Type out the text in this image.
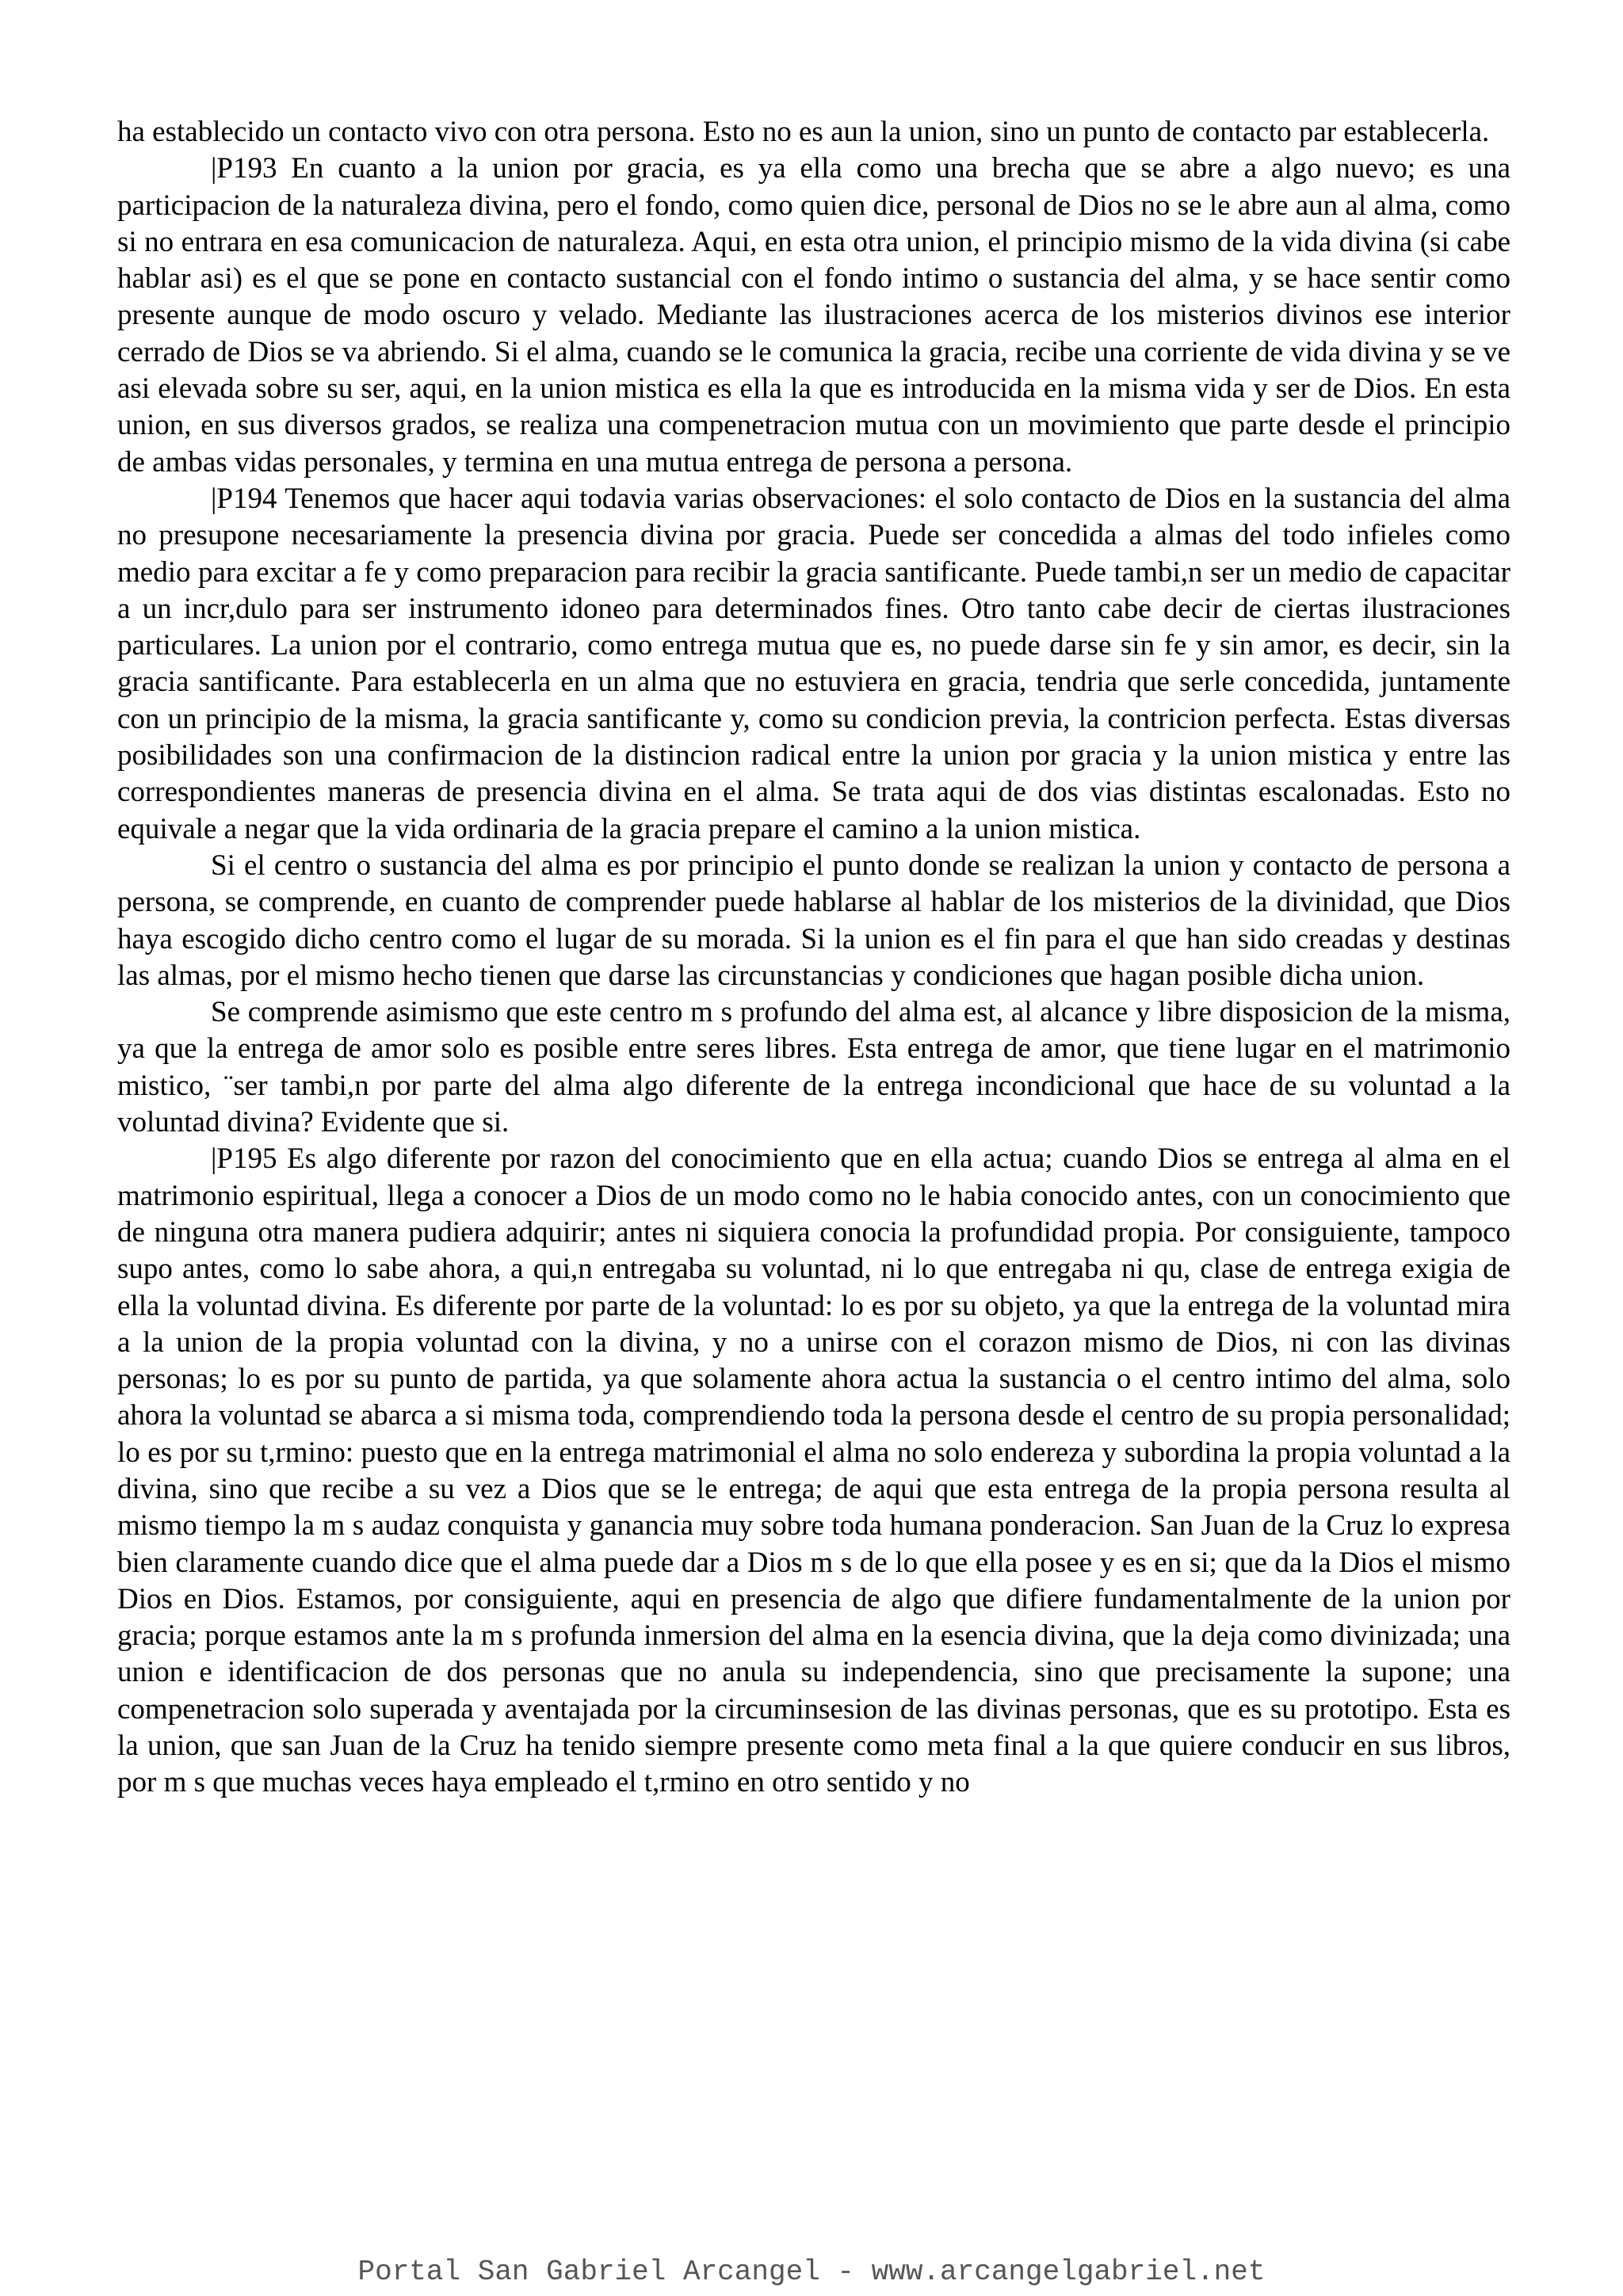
ha establecido un contacto vivo con otra persona. Esto no es aun la union, sino un punto de contacto par establecerla.

|P193 En cuanto a la union por gracia, es ya ella como una brecha que se abre a algo nuevo; es una participacion de la naturaleza divina, pero el fondo, como quien dice, personal de Dios no se le abre aun al alma, como si no entrara en esa comunicacion de naturaleza. Aqui, en esta otra union, el principio mismo de la vida divina (si cabe hablar asi) es el que se pone en contacto sustancial con el fondo intimo o sustancia del alma, y se hace sentir como presente aunque de modo oscuro y velado. Mediante las ilustraciones acerca de los misterios divinos ese interior cerrado de Dios se va abriendo. Si el alma, cuando se le comunica la gracia, recibe una corriente de vida divina y se ve asi elevada sobre su ser, aqui, en la union mistica es ella la que es introducida en la misma vida y ser de Dios. En esta union, en sus diversos grados, se realiza una compenetracion mutua con un movimiento que parte desde el principio de ambas vidas personales, y termina en una mutua entrega de persona a persona.

|P194 Tenemos que hacer aqui todavia varias observaciones: el solo contacto de Dios en la sustancia del alma no presupone necesariamente la presencia divina por gracia. Puede ser concedida a almas del todo infieles como medio para excitar a fe y como preparacion para recibir la gracia santificante. Puede tambi,n ser un medio de capacitar a un incr,dulo para ser instrumento idoneo para determinados fines. Otro tanto cabe decir de ciertas ilustraciones particulares. La union por el contrario, como entrega mutua que es, no puede darse sin fe y sin amor, es decir, sin la gracia santificante. Para establecerla en un alma que no estuviera en gracia, tendria que serle concedida, juntamente con un principio de la misma, la gracia santificante y, como su condicion previa, la contricion perfecta. Estas diversas posibilidades son una confirmacion de la distincion radical entre la union por gracia y la union mistica y entre las correspondientes maneras de presencia divina en el alma. Se trata aqui de dos vias distintas escalonadas. Esto no equivale a negar que la vida ordinaria de la gracia prepare el camino a la union mistica.

Si el centro o sustancia del alma es por principio el punto donde se realizan la union y contacto de persona a persona, se comprende, en cuanto de comprender puede hablarse al hablar de los misterios de la divinidad, que Dios haya escogido dicho centro como el lugar de su morada. Si la union es el fin para el que han sido creadas y destinas las almas, por el mismo hecho tienen que darse las circunstancias y condiciones que hagan posible dicha union.

Se comprende asimismo que este centro m s profundo del alma est, al alcance y libre disposicion de la misma, ya que la entrega de amor solo es posible entre seres libres. Esta entrega de amor, que tiene lugar en el matrimonio mistico, ¨ser tambi,n por parte del alma algo diferente de la entrega incondicional que hace de su voluntad a la voluntad divina? Evidente que si.

|P195 Es algo diferente por razon del conocimiento que en ella actua; cuando Dios se entrega al alma en el matrimonio espiritual, llega a conocer a Dios de un modo como no le habia conocido antes, con un conocimiento que de ninguna otra manera pudiera adquirir; antes ni siquiera conocia la profundidad propia. Por consiguiente, tampoco supo antes, como lo sabe ahora, a qui,n entregaba su voluntad, ni lo que entregaba ni qu, clase de entrega exigia de ella la voluntad divina. Es diferente por parte de la voluntad: lo es por su objeto, ya que la entrega de la voluntad mira a la union de la propia voluntad con la divina, y no a unirse con el corazon mismo de Dios, ni con las divinas personas; lo es por su punto de partida, ya que solamente ahora actua la sustancia o el centro intimo del alma, solo ahora la voluntad se abarca a si misma toda, comprendiendo toda la persona desde el centro de su propia personalidad; lo es por su t,rmino: puesto que en la entrega matrimonial el alma no solo endereza y subordina la propia voluntad a la divina, sino que recibe a su vez a Dios que se le entrega; de aqui que esta entrega de la propia persona resulta al mismo tiempo la m s audaz conquista y ganancia muy sobre toda humana ponderacion. San Juan de la Cruz lo expresa bien claramente cuando dice que el alma puede dar a Dios m s de lo que ella posee y es en si; que da la Dios el mismo Dios en Dios. Estamos, por consiguiente, aqui en presencia de algo que difiere fundamentalmente de la union por gracia; porque estamos ante la m s profunda inmersion del alma en la esencia divina, que la deja como divinizada; una union e identificacion de dos personas que no anula su independencia, sino que precisamente la supone; una compenetracion solo superada y aventajada por la circuminsesion de las divinas personas, que es su prototipo. Esta es la union, que san Juan de la Cruz ha tenido siempre presente como meta final a la que quiere conducir en sus libros, por m s que muchas veces haya empleado el t,rmino en otro sentido y no

Portal San Gabriel Arcangel - www.arcangelgabriel.net
